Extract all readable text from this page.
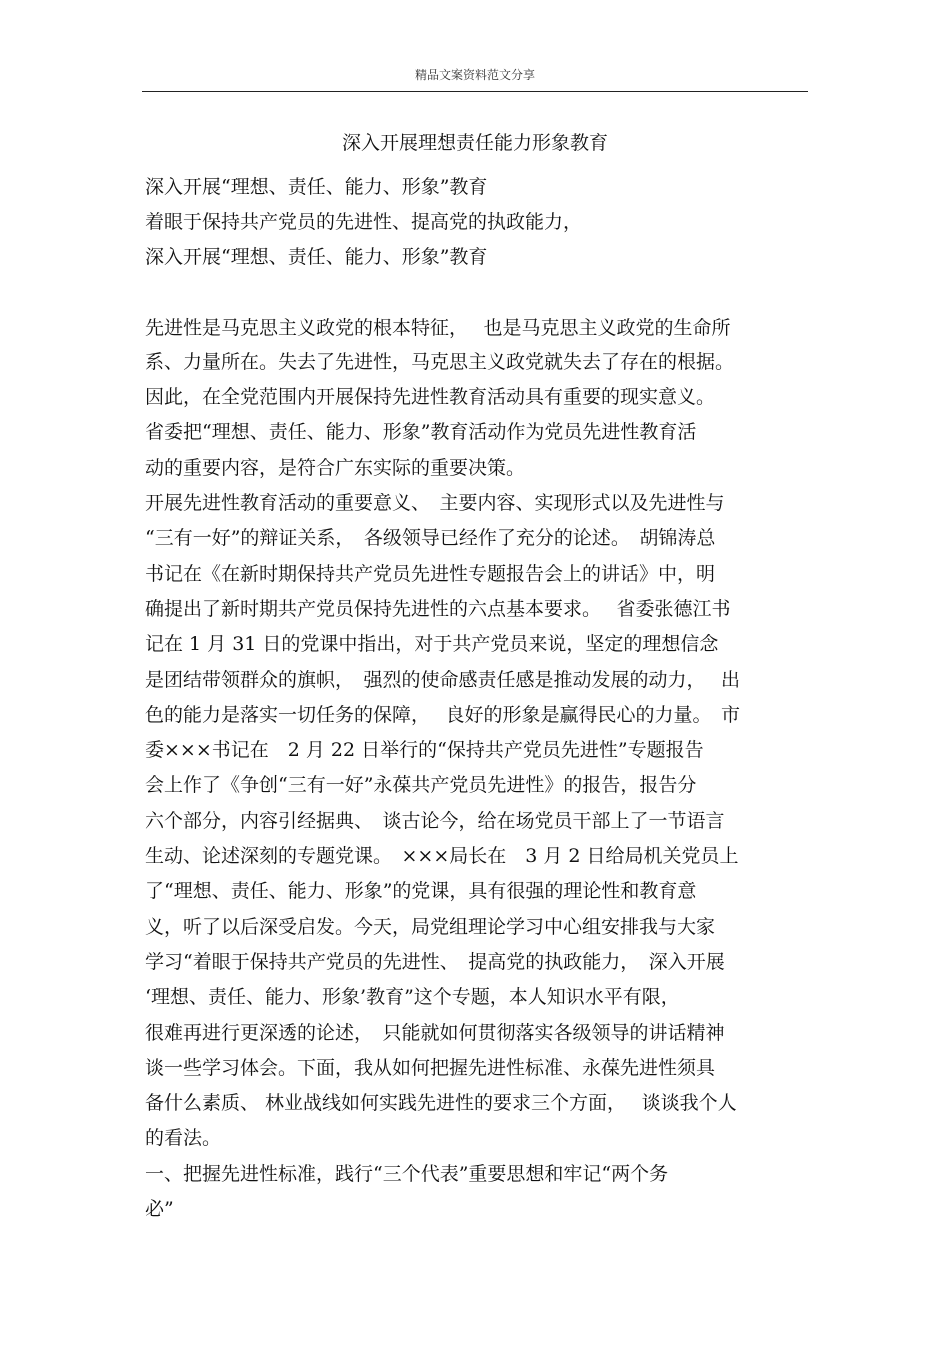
精品文案资料范文分享
深入开展理想责任能力形象教育
深入开展“理想、责任、能力、形象”教育
着眼于保持共产党员的先进性、提高党的执政能力，
深入开展“理想、责任、能力、形象”教育
先进性是马克思主义政党的根本特征，　 也是马克思主义政党的生命所
系、力量所在。失去了先进性，马克思主义政党就失去了存在的根据。
因此，在全党范围内开展保持先进性教育活动具有重要的现实意义。
省委把“理想、责任、能力、形象”教育活动作为党员先进性教育活
动的重要内容，是符合广东实际的重要决策。
开展先进性教育活动的重要意义、　主要内容、实现形式以及先进性与
“三有一好”的辩证关系，　各级领导已经作了充分的论述。　胡锦涛总
书记在《在新时期保持共产党员先进性专题报告会上的讲话》中，明
确提出了新时期共产党员保持先进性的六点基本要求。　 省委张德江书
记在 1 月 31 日的党课中指出，对于共产党员来说，坚定的理想信念
是团结带领群众的旗帜，　强烈的使命感责任感是推动发展的动力，　 出
色的能力是落实一切任务的保障，　 良好的形象是赢得民心的力量。　市
委×××书记在　2 月 22 日举行的“保持共产党员先进性”专题报告
会上作了《争创“三有一好”永葆共产党员先进性》的报告，报告分
六个部分，内容引经据典、　谈古论今，给在场党员干部上了一节语言
生动、论述深刻的专题党课。　×××局长在　3 月 2 日给局机关党员上
了“理想、责任、能力、形象”的党课，具有很强的理论性和教育意
义，听了以后深受启发。今天，局党组理论学习中心组安排我与大家
学习“着眼于保持共产党员的先进性、　提高党的执政能力，　深入开展
‘理想、责任、能力、形象’教育”这个专题，本人知识水平有限，
很难再进行更深透的论述，　只能就如何贯彻落实各级领导的讲话精神
谈一些学习体会。下面，我从如何把握先进性标准、永葆先进性须具
备什么素质、 林业战线如何实践先进性的要求三个方面，　 谈谈我个人
的看法。
一、把握先进性标准，践行“三个代表”重要思想和牢记“两个务
必”
